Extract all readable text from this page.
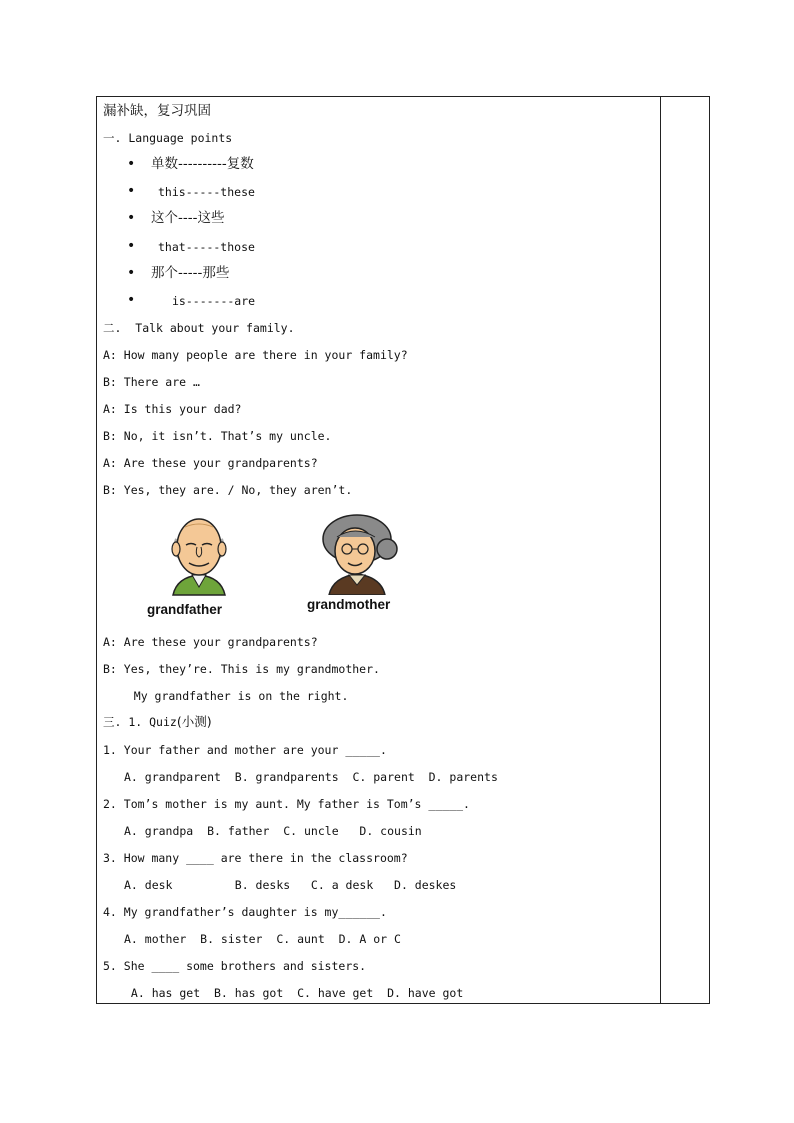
漏补缺，复习巩固
一. Language points
• 单数----------复数
• this-----these
• 这个----这些
• that-----those
• 那个-----那些
•	is-------are
二.  Talk about your family.
A: How many people are there in your family?
B: There are …
A: Is this your dad?
B: No, it isn’t. That’s my uncle.
A: Are these your grandparents?
B: Yes, they are. / No, they aren’t.
grandfather	grandmother
A: Are these your grandparents?
B: Yes, they’re. This is my grandmother.
My grandfather is on the right.
三. 1. Quiz(小测)
1. Your father and mother are your _____.
A. grandparent  B. grandparents  C. parent  D. parents
2. Tom’s mother is my aunt. My father is Tom’s _____.
A. grandpa  B. father  C. uncle   D. cousin
3. How many ____ are there in the classroom?
A. desk         B. desks   C. a desk   D. deskes
4. My grandfather’s daughter is my______.
A. mother  B. sister  C. aunt  D. A or C
5. She ____ some brothers and sisters.
A. has get  B. has got  C. have get  D. have got
